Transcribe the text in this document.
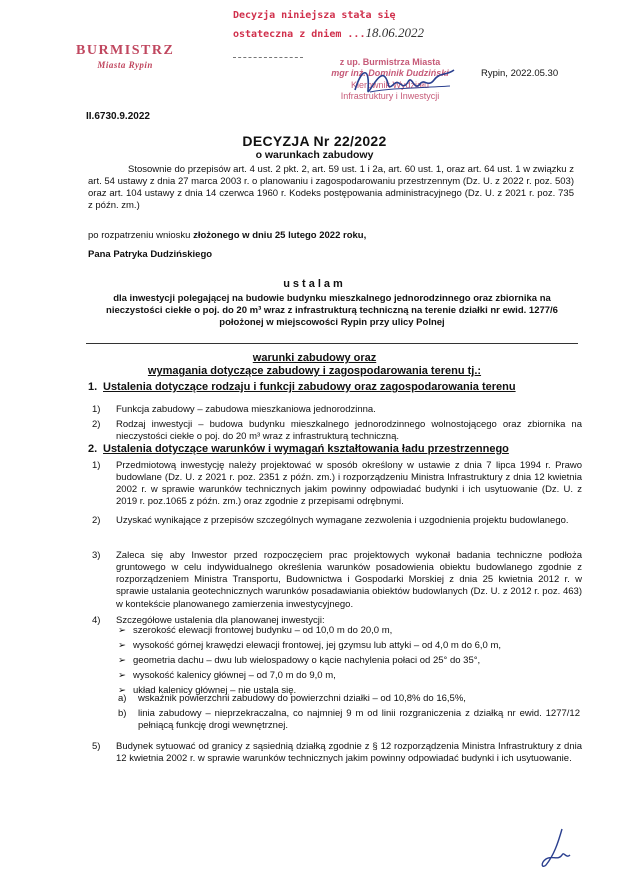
BURMISTRZ
Miasta Rypin
Decyzja niniejsza stała się
ostateczna z dniem ...18.06.2022
z up. Burmistrza Miasta
mgr inż. Dominik Dudziński
Kierownik Wydziału
Infrastruktury i Inwestycji
Rypin, 2022.05.30
II.6730.9.2022
DECYZJA Nr 22/2022
o warunkach zabudowy
Stosownie do przepisów art. 4 ust. 2 pkt. 2, art. 59 ust. 1 i 2a, art. 60 ust. 1, oraz art. 64 ust. 1 w związku z art. 54 ustawy z dnia 27 marca 2003 r. o planowaniu i zagospodarowaniu przestrzennym (Dz. U. z 2022 r. poz. 503) oraz art. 104 ustawy z dnia 14 czerwca 1960 r. Kodeks postępowania administracyjnego (Dz. U. z 2021 r. poz. 735 z późn. zm.)
po rozpatrzeniu wniosku złożonego w dniu 25 lutego 2022 roku,
Pana Patryka Dudzińskiego
ustalam
dla inwestycji polegającej na budowie budynku mieszkalnego jednorodzinnego oraz zbiornika na nieczystości ciekłe o poj. do 20 m³ wraz z infrastrukturą techniczną na terenie działki nr ewid. 1277/6 położonej w miejscowości Rypin przy ulicy Polnej
warunki zabudowy oraz
wymagania dotyczące zabudowy i zagospodarowania terenu tj.:
1. Ustalenia dotyczące rodzaju i funkcji zabudowy oraz zagospodarowania terenu
1) Funkcja zabudowy – zabudowa mieszkaniowa jednorodzinna.
2) Rodzaj inwestycji – budowa budynku mieszkalnego jednorodzinnego wolnostojącego oraz zbiornika na nieczystości ciekłe o poj. do 20 m³ wraz z infrastrukturą techniczną.
2. Ustalenia dotyczące warunków i wymagań kształtowania ładu przestrzennego
1) Przedmiotową inwestycję należy projektować w sposób określony w ustawie z dnia 7 lipca 1994 r. Prawo budowlane (Dz. U. z 2021 r. poz. 2351 z późn. zm.) i rozporządzeniu Ministra Infrastruktury z dnia 12 kwietnia 2002 r. w sprawie warunków technicznych jakim powinny odpowiadać budynki i ich usytuowanie (Dz. U. z 2019 r. poz.1065 z późn. zm.) oraz zgodnie z przepisami odrębnymi.
2) Uzyskać wynikające z przepisów szczególnych wymagane zezwolenia i uzgodnienia projektu budowlanego.
3) Zaleca się aby Inwestor przed rozpoczęciem prac projektowych wykonał badania techniczne podłoża gruntowego w celu indywidualnego określenia warunków posadowienia obiektu budowlanego zgodnie z rozporządzeniem Ministra Transportu, Budownictwa i Gospodarki Morskiej z dnia 25 kwietnia 2012 r. w sprawie ustalania geotechnicznych warunków posadawiania obiektów budowlanych (Dz. U. z 2012 r. poz. 463) w kontekście planowanego zamierzenia inwestycyjnego.
4) Szczegółowe ustalenia dla planowanej inwestycji:
➢ szerokość elewacji frontowej budynku – od 10,0 m do 20,0 m,
➢ wysokość górnej krawędzi elewacji frontowej, jej gzymsu lub attyki – od 4,0 m do 6,0 m,
➢ geometria dachu – dwu lub wielospadowy o kącie nachylenia połaci od 25° do 35°,
➢ wysokość kalenicy głównej – od 7,0 m do 9,0 m,
➢ układ kalenicy głównej – nie ustala się.
a) wskaźnik powierzchni zabudowy do powierzchni działki – od 10,8% do 16,5%,
b) linia zabudowy – nieprzekraczalna, co najmniej 9 m od linii rozgraniczenia z działką nr ewid. 1277/12 pełniącą funkcję drogi wewnętrznej.
5) Budynek sytuować od granicy z sąsiednią działką zgodnie z § 12 rozporządzenia Ministra Infrastruktury z dnia 12 kwietnia 2002 r. w sprawie warunków technicznych jakim powinny odpowiadać budynki i ich usytuowanie.
